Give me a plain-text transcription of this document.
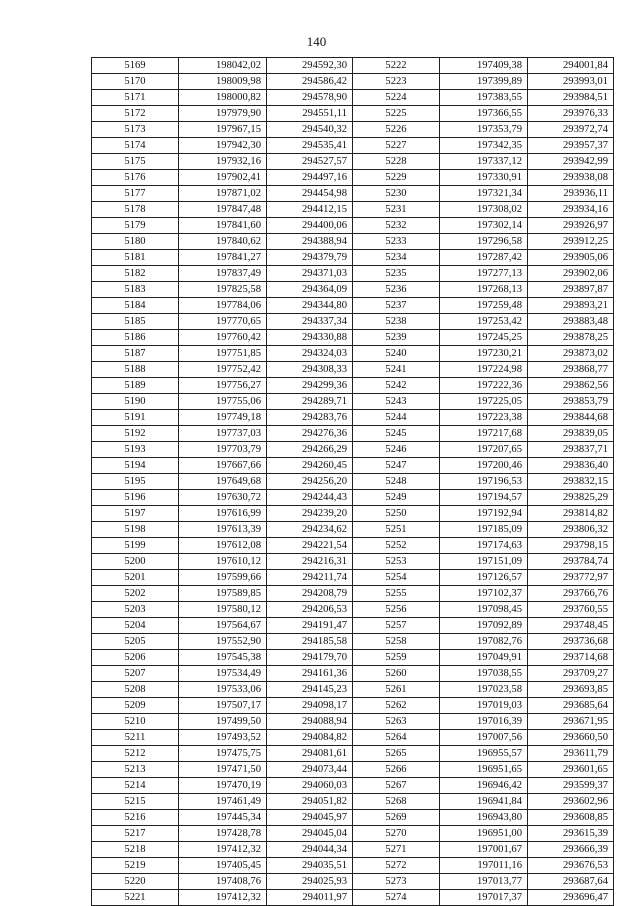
140
5169	198042,02	294592,30	5222	197409,38	294001,84
5170	198009,98	294586,42	5223	197399,89	293993,01
5171	198000,82	294578,90	5224	197383,55	293984,51
5172	197979,90	294551,11	5225	197366,55	293976,33
5173	197967,15	294540,32	5226	197353,79	293972,74
5174	197942,30	294535,41	5227	197342,35	293957,37
5175	197932,16	294527,57	5228	197337,12	293942,99
5176	197902,41	294497,16	5229	197330,91	293938,08
5177	197871,02	294454,98	5230	197321,34	293936,11
5178	197847,48	294412,15	5231	197308,02	293934,16
5179	197841,60	294400,06	5232	197302,14	293926,97
5180	197840,62	294388,94	5233	197296,58	293912,25
5181	197841,27	294379,79	5234	197287,42	293905,06
5182	197837,49	294371,03	5235	197277,13	293902,06
5183	197825,58	294364,09	5236	197268,13	293897,87
5184	197784,06	294344,80	5237	197259,48	293893,21
5185	197770,65	294337,34	5238	197253,42	293883,48
5186	197760,42	294330,88	5239	197245,25	293878,25
5187	197751,85	294324,03	5240	197230,21	293873,02
5188	197752,42	294308,33	5241	197224,98	293868,77
5189	197756,27	294299,36	5242	197222,36	293862,56
5190	197755,06	294289,71	5243	197225,05	293853,79
5191	197749,18	294283,76	5244	197223,38	293844,68
5192	197737,03	294276,36	5245	197217,68	293839,05
5193	197703,79	294266,29	5246	197207,65	293837,71
5194	197667,66	294260,45	5247	197200,46	293836,40
5195	197649,68	294256,20	5248	197196,53	293832,15
5196	197630,72	294244,43	5249	197194,57	293825,29
5197	197616,99	294239,20	5250	197192,94	293814,82
5198	197613,39	294234,62	5251	197185,09	293806,32
5199	197612,08	294221,54	5252	197174,63	293798,15
5200	197610,12	294216,31	5253	197151,09	293784,74
5201	197599,66	294211,74	5254	197126,57	293772,97
5202	197589,85	294208,79	5255	197102,37	293766,76
5203	197580,12	294206,53	5256	197098,45	293760,55
5204	197564,67	294191,47	5257	197092,89	293748,45
5205	197552,90	294185,58	5258	197082,76	293736,68
5206	197545,38	294179,70	5259	197049,91	293714,68
5207	197534,49	294161,36	5260	197038,55	293709,27
5208	197533,06	294145,23	5261	197023,58	293693,85
5209	197507,17	294098,17	5262	197019,03	293685,64
5210	197499,50	294088,94	5263	197016,39	293671,95
5211	197493,52	294084,82	5264	197007,56	293660,50
5212	197475,75	294081,61	5265	196955,57	293611,79
5213	197471,50	294073,44	5266	196951,65	293601,65
5214	197470,19	294060,03	5267	196946,42	293599,37
5215	197461,49	294051,82	5268	196941,84	293602,96
5216	197445,34	294045,97	5269	196943,80	293608,85
5217	197428,78	294045,04	5270	196951,00	293615,39
5218	197412,32	294044,34	5271	197001,67	293666,39
5219	197405,45	294035,51	5272	197011,16	293676,53
5220	197408,76	294025,93	5273	197013,77	293687,64
5221	197412,32	294011,97	5274	197017,37	293696,47
